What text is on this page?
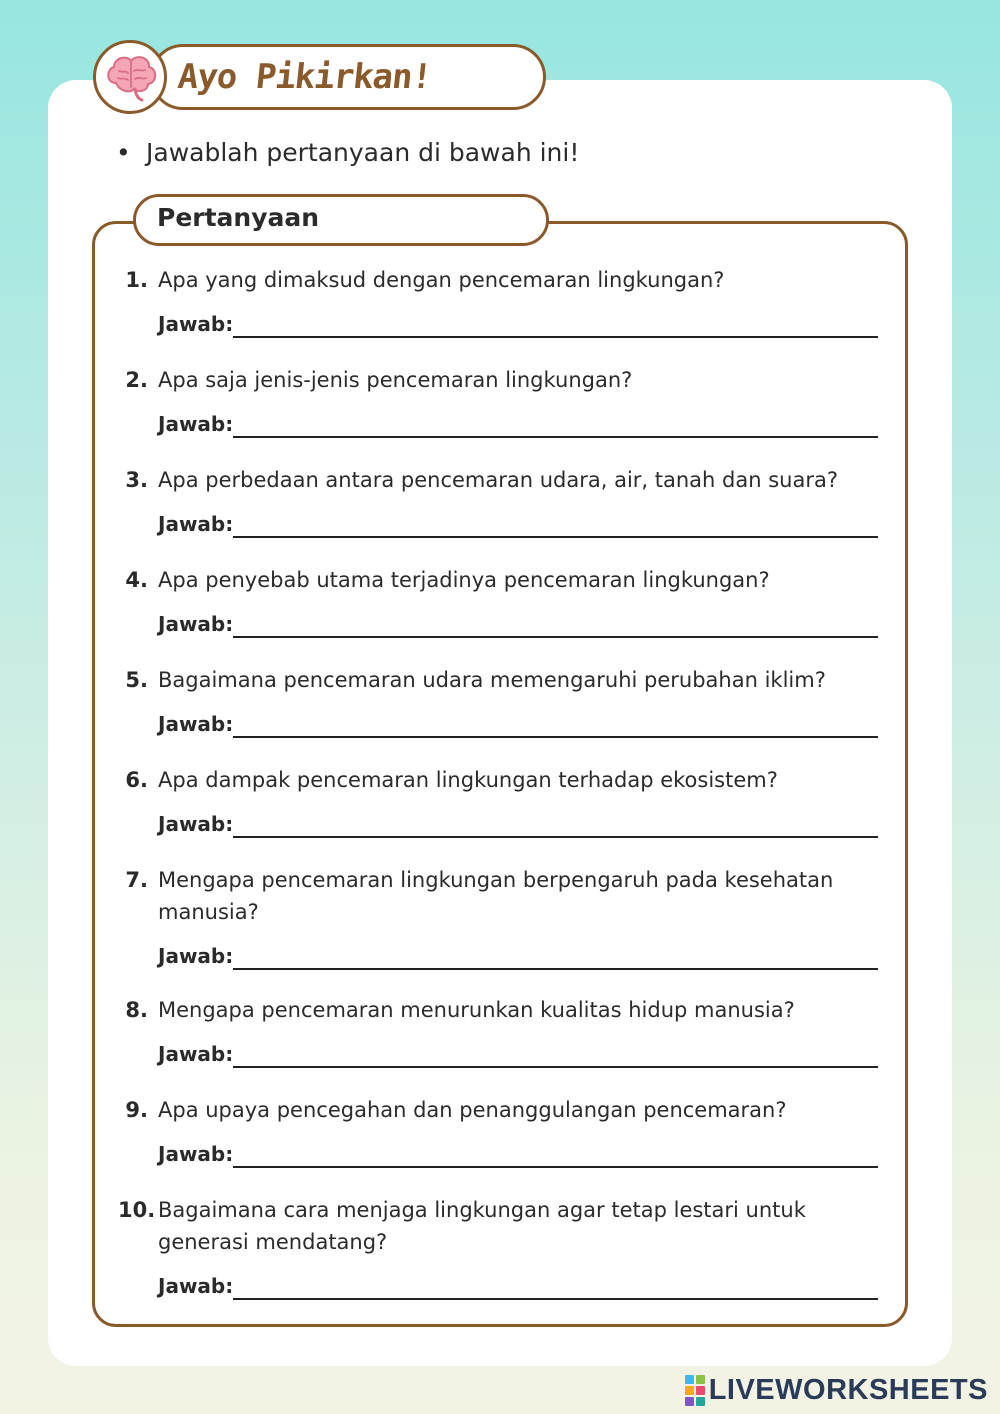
Ayo Pikirkan!
• Jawablah pertanyaan di bawah ini!
Pertanyaan
1. Apa yang dimaksud dengan pencemaran lingkungan?
Jawab:
2. Apa saja jenis-jenis pencemaran lingkungan?
Jawab:
3. Apa perbedaan antara pencemaran udara, air, tanah dan suara?
Jawab:
4. Apa penyebab utama terjadinya pencemaran lingkungan?
Jawab:
5. Bagaimana pencemaran udara memengaruhi perubahan iklim?
Jawab:
6. Apa dampak pencemaran lingkungan terhadap ekosistem?
Jawab:
7. Mengapa pencemaran lingkungan berpengaruh pada kesehatan manusia?
Jawab:
8. Mengapa pencemaran menurunkan kualitas hidup manusia?
Jawab:
9. Apa upaya pencegahan dan penanggulangan pencemaran?
Jawab:
10. Bagaimana cara menjaga lingkungan agar tetap lestari untuk generasi mendatang?
Jawab:
LIVEWORKSHEETS
